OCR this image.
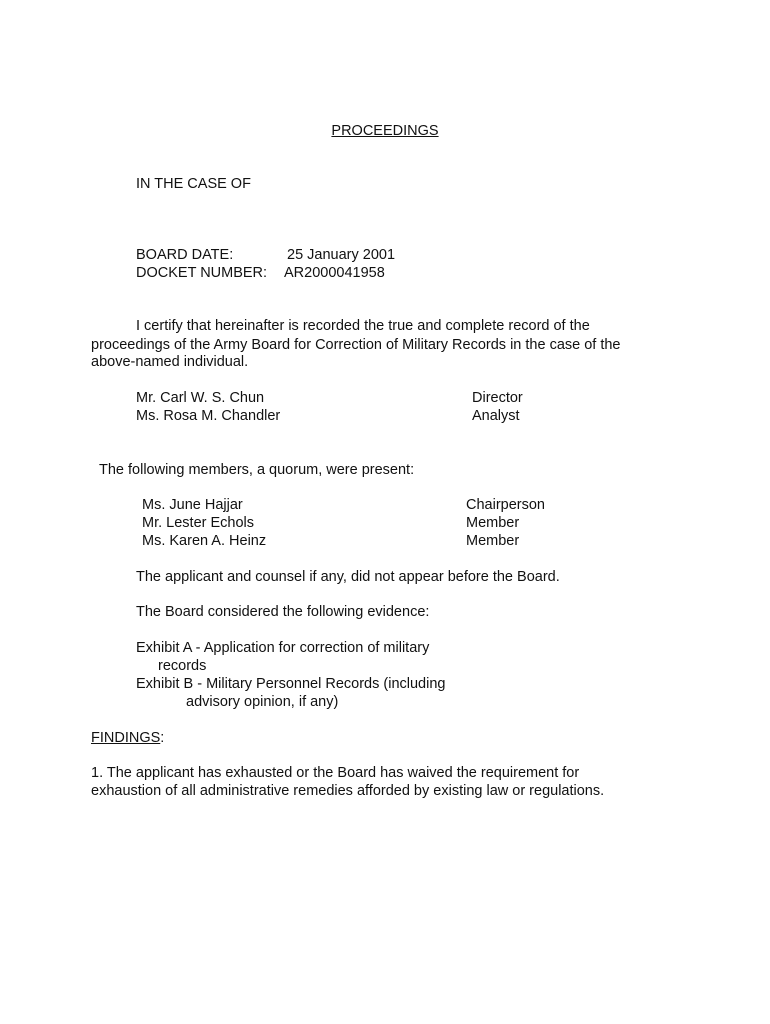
PROCEEDINGS
IN THE CASE OF
BOARD DATE:	25 January 2001
DOCKET NUMBER: AR2000041958
I certify that hereinafter is recorded the true and complete record of the
proceedings of the Army Board for Correction of Military Records in the case of the
above-named individual.
Mr. Carl W. S. Chun	Director
Ms. Rosa M. Chandler	Analyst
The following members, a quorum, were present:
Ms. June Hajjar	Chairperson
Mr. Lester Echols	Member
Ms. Karen A. Heinz	Member
The applicant and counsel if any, did not appear before the Board.
The Board considered the following evidence:
Exhibit A - Application for correction of military
records
Exhibit B - Military Personnel Records (including
advisory opinion, if any)
FINDINGS:
1. The applicant has exhausted or the Board has waived the requirement for
exhaustion of all administrative remedies afforded by existing law or regulations.
